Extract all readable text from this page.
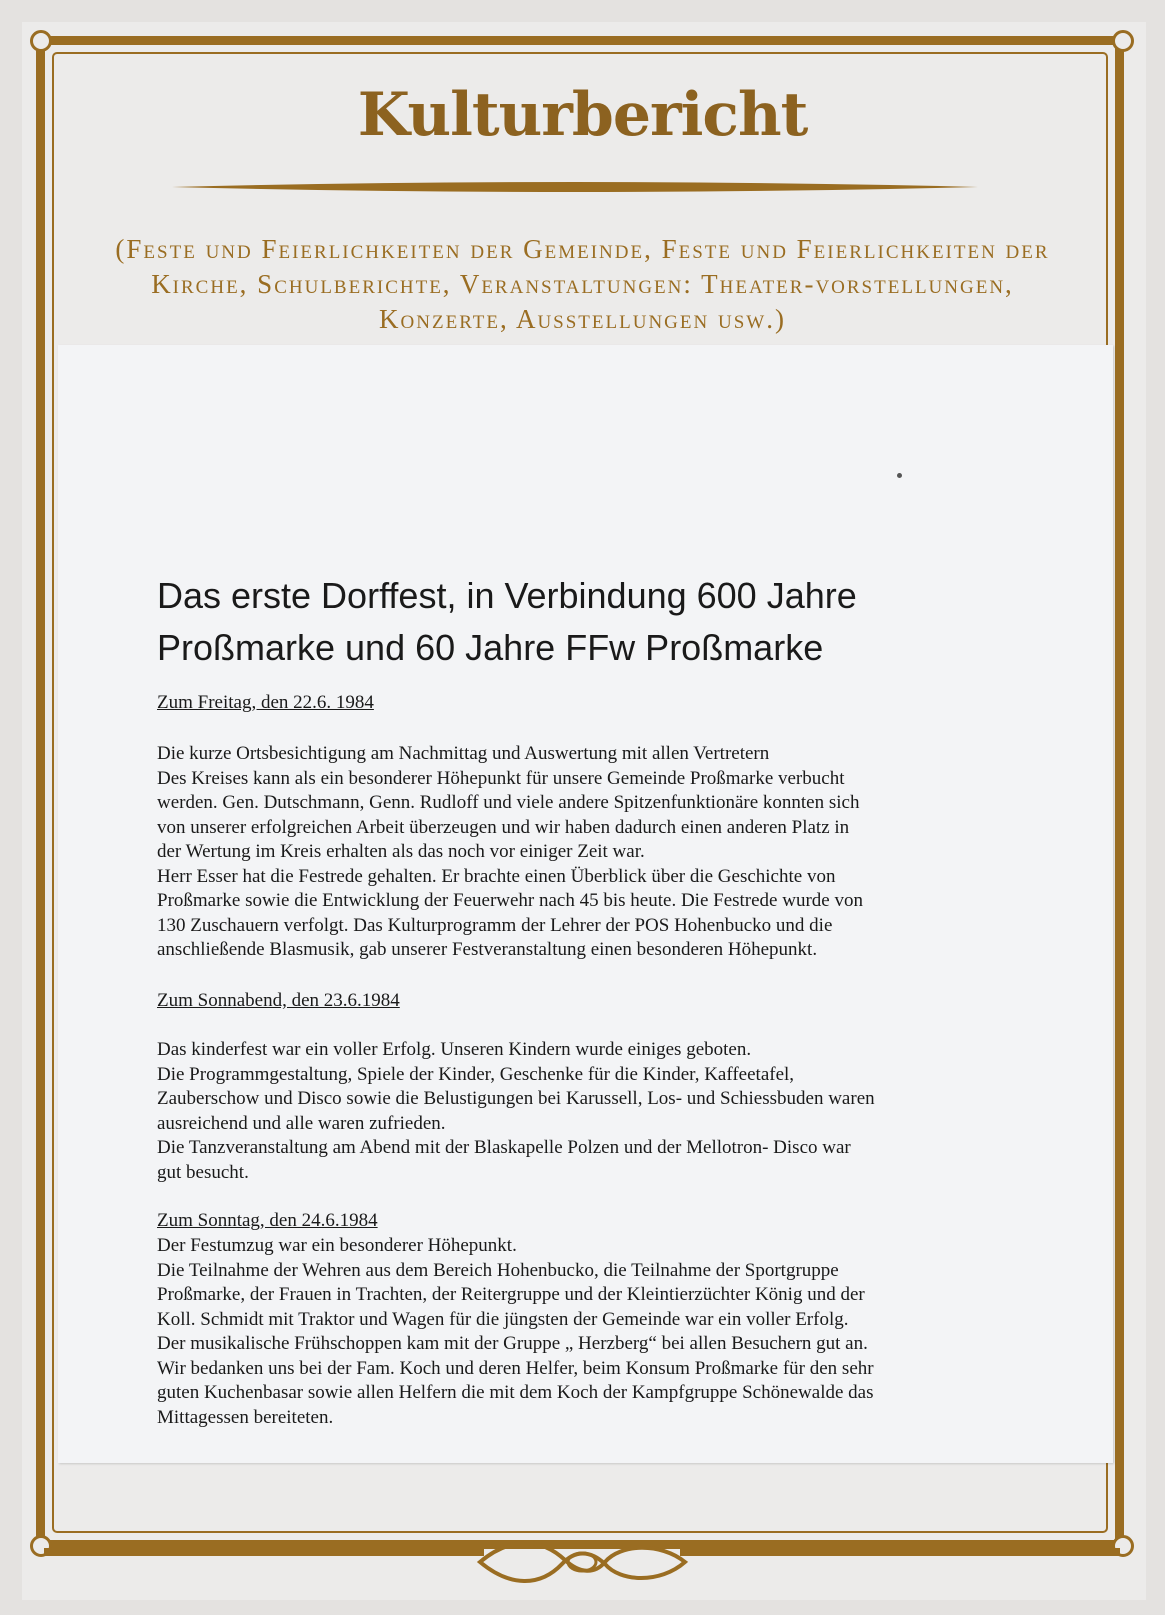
Kulturbericht

(Feste und Feierlichkeiten der Gemeinde, Feste und Feierlichkeiten der Kirche, Schulberichte, Veranstaltungen: Theater-vorstellungen, Konzerte, Ausstellungen usw.)

Das erste Dorffest, in Verbindung 600 Jahre
Proßmarke und 60 Jahre FFw Proßmarke

Zum Freitag, den 22.6. 1984

Die kurze Ortsbesichtigung am Nachmittag und Auswertung mit allen Vertretern
Des Kreises kann als ein besonderer Höhepunkt für unsere Gemeinde Proßmarke verbucht
werden. Gen. Dutschmann, Genn. Rudloff und viele andere Spitzenfunktionäre konnten sich
von unserer erfolgreichen Arbeit überzeugen und wir haben dadurch einen anderen Platz in
der Wertung im Kreis erhalten als das noch vor einiger Zeit war.
Herr Esser hat die Festrede gehalten. Er brachte einen Überblick über die Geschichte von
Proßmarke sowie die Entwicklung der Feuerwehr nach 45 bis heute. Die Festrede wurde von
130 Zuschauern verfolgt. Das Kulturprogramm der Lehrer der POS Hohenbucko und die
anschließende Blasmusik, gab unserer Festveranstaltung einen besonderen Höhepunkt.

Zum Sonnabend, den 23.6.1984

Das kinderfest war ein voller Erfolg. Unseren Kindern wurde einiges geboten.
Die Programmgestaltung, Spiele der Kinder, Geschenke für die Kinder, Kaffeetafel,
Zauberschow und Disco sowie die Belustigungen bei Karussell, Los- und Schiessbuden waren
ausreichend und alle waren zufrieden.
Die Tanzveranstaltung am Abend mit der Blaskapelle Polzen und der Mellotron- Disco war
gut besucht.

Zum Sonntag, den 24.6.1984

Der Festumzug war ein besonderer Höhepunkt.
Die Teilnahme der Wehren aus dem Bereich Hohenbucko, die Teilnahme der Sportgruppe
Proßmarke, der Frauen in Trachten, der Reitergruppe und der Kleintierzüchter König und der
Koll. Schmidt mit Traktor und Wagen für die jüngsten der Gemeinde war ein voller Erfolg.
Der musikalische Frühschoppen kam mit der Gruppe „ Herzberg“ bei allen Besuchern gut an.
Wir bedanken uns bei der Fam. Koch und deren Helfer, beim Konsum Proßmarke für den sehr
guten Kuchenbasar sowie allen Helfern die mit dem Koch der Kampfgruppe Schönewalde das
Mittagessen bereiteten.
